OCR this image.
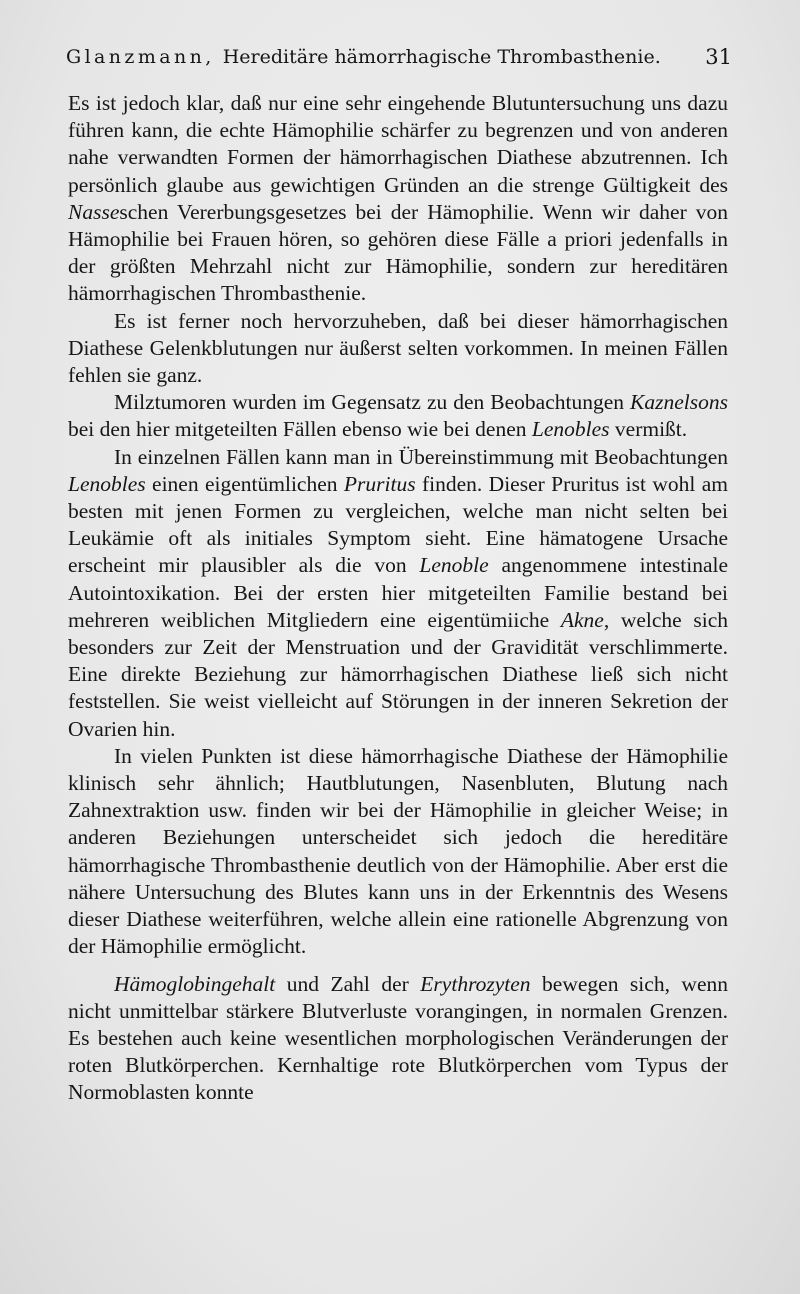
Glanzmann, Hereditäre hämorrhagische Thrombasthenie. 31

Es ist jedoch klar, daß nur eine sehr eingehende Blutuntersuchung uns dazu führen kann, die echte Hämophilie schärfer zu begrenzen und von anderen nahe verwandten Formen der hämorrhagischen Diathese abzutrennen. Ich persönlich glaube aus gewichtigen Gründen an die strenge Gültigkeit des Nasseschen Vererbungsgesetzes bei der Hämophilie. Wenn wir daher von Hämophilie bei Frauen hören, so gehören diese Fälle a priori jedenfalls in der größten Mehrzahl nicht zur Hämophilie, sondern zur hereditären hämorrhagischen Thrombasthenie.

Es ist ferner noch hervorzuheben, daß bei dieser hämorrhagischen Diathese Gelenkblutungen nur äußerst selten vorkommen. In meinen Fällen fehlen sie ganz.

Milztumoren wurden im Gegensatz zu den Beobachtungen Kaznelsons bei den hier mitgeteilten Fällen ebenso wie bei denen Lenobles vermißt.

In einzelnen Fällen kann man in Übereinstimmung mit Beobachtungen Lenobles einen eigentümlichen Pruritus finden. Dieser Pruritus ist wohl am besten mit jenen Formen zu vergleichen, welche man nicht selten bei Leukämie oft als initiales Symptom sieht. Eine hämatogene Ursache erscheint mir plausibler als die von Lenoble angenommene intestinale Autointoxikation. Bei der ersten hier mitgeteilten Familie bestand bei mehreren weiblichen Mitgliedern eine eigentümiiche Akne, welche sich besonders zur Zeit der Menstruation und der Gravidität verschlimmerte. Eine direkte Beziehung zur hämorrhagischen Diathese ließ sich nicht feststellen. Sie weist vielleicht auf Störungen in der inneren Sekretion der Ovarien hin.

In vielen Punkten ist diese hämorrhagische Diathese der Hämophilie klinisch sehr ähnlich; Hautblutungen, Nasenbluten, Blutung nach Zahnextraktion usw. finden wir bei der Hämophilie in gleicher Weise; in anderen Beziehungen unterscheidet sich jedoch die hereditäre hämorrhagische Thrombasthenie deutlich von der Hämophilie. Aber erst die nähere Untersuchung des Blutes kann uns in der Erkenntnis des Wesens dieser Diathese weiterführen, welche allein eine rationelle Abgrenzung von der Hämophilie ermöglicht.

Hämoglobingehalt und Zahl der Erythrozyten bewegen sich, wenn nicht unmittelbar stärkere Blutverluste vorangingen, in normalen Grenzen. Es bestehen auch keine wesentlichen morphologischen Veränderungen der roten Blutkörperchen. Kernhaltige rote Blutkörperchen vom Typus der Normoblasten konnte
